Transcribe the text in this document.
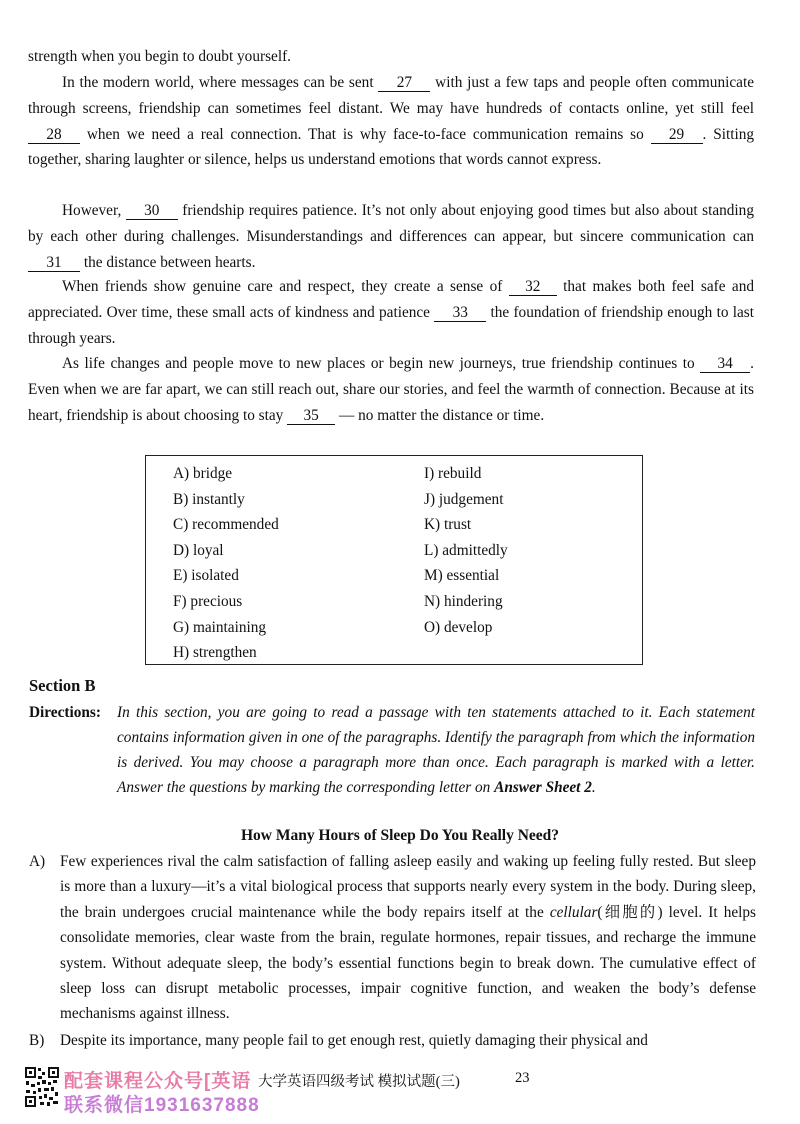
strength when you begin to doubt yourself.

In the modern world, where messages can be sent 27 with just a few taps and people often communicate through screens, friendship can sometimes feel distant. We may have hundreds of contacts online, yet still feel 28 when we need a real connection. That is why face-to-face communication remains so 29 . Sitting together, sharing laughter or silence, helps us understand emotions that words cannot express.

However, 30 friendship requires patience. It’s not only about enjoying good times but also about standing by each other during challenges. Misunderstandings and differences can appear, but sincere communication can 31 the distance between hearts.

When friends show genuine care and respect, they create a sense of 32 that makes both feel safe and appreciated. Over time, these small acts of kindness and patience 33 the foundation of friendship enough to last through years.

As life changes and people move to new places or begin new journeys, true friendship continues to 34 . Even when we are far apart, we can still reach out, share our stories, and feel the warmth of connection. Because at its heart, friendship is about choosing to stay 35 — no matter the distance or time.

A) bridge
B) instantly
C) recommended
D) loyal
E) isolated
F) precious
G) maintaining
H) strengthen
I) rebuild
J) judgement
K) trust
L) admittedly
M) essential
N) hindering
O) develop
Section B
Directions: In this section, you are going to read a passage with ten statements attached to it. Each statement contains information given in one of the paragraphs. Identify the paragraph from which the information is derived. You may choose a paragraph more than once. Each paragraph is marked with a letter. Answer the questions by marking the corresponding letter on Answer Sheet 2.

How Many Hours of Sleep Do You Really Need?
A) Few experiences rival the calm satisfaction of falling asleep easily and waking up feeling fully rested. But sleep is more than a luxury—it’s a vital biological process that supports nearly every system in the body. During sleep, the brain undergoes crucial maintenance while the body repairs itself at the cellular(细胞的) level. It helps consolidate memories, clear waste from the brain, regulate hormones, repair tissues, and recharge the immune system. Without adequate sleep, the body’s essential functions begin to break down. The cumulative effect of sleep loss can disrupt metabolic processes, impair cognitive function, and weaken the body’s defense mechanisms against illness.

B) Despite its importance, many people fail to get enough rest, quietly damaging their physical and

配套课程公众号[英语
联系微信1931637888
大学英语四级考试 模拟试题(三)	23
